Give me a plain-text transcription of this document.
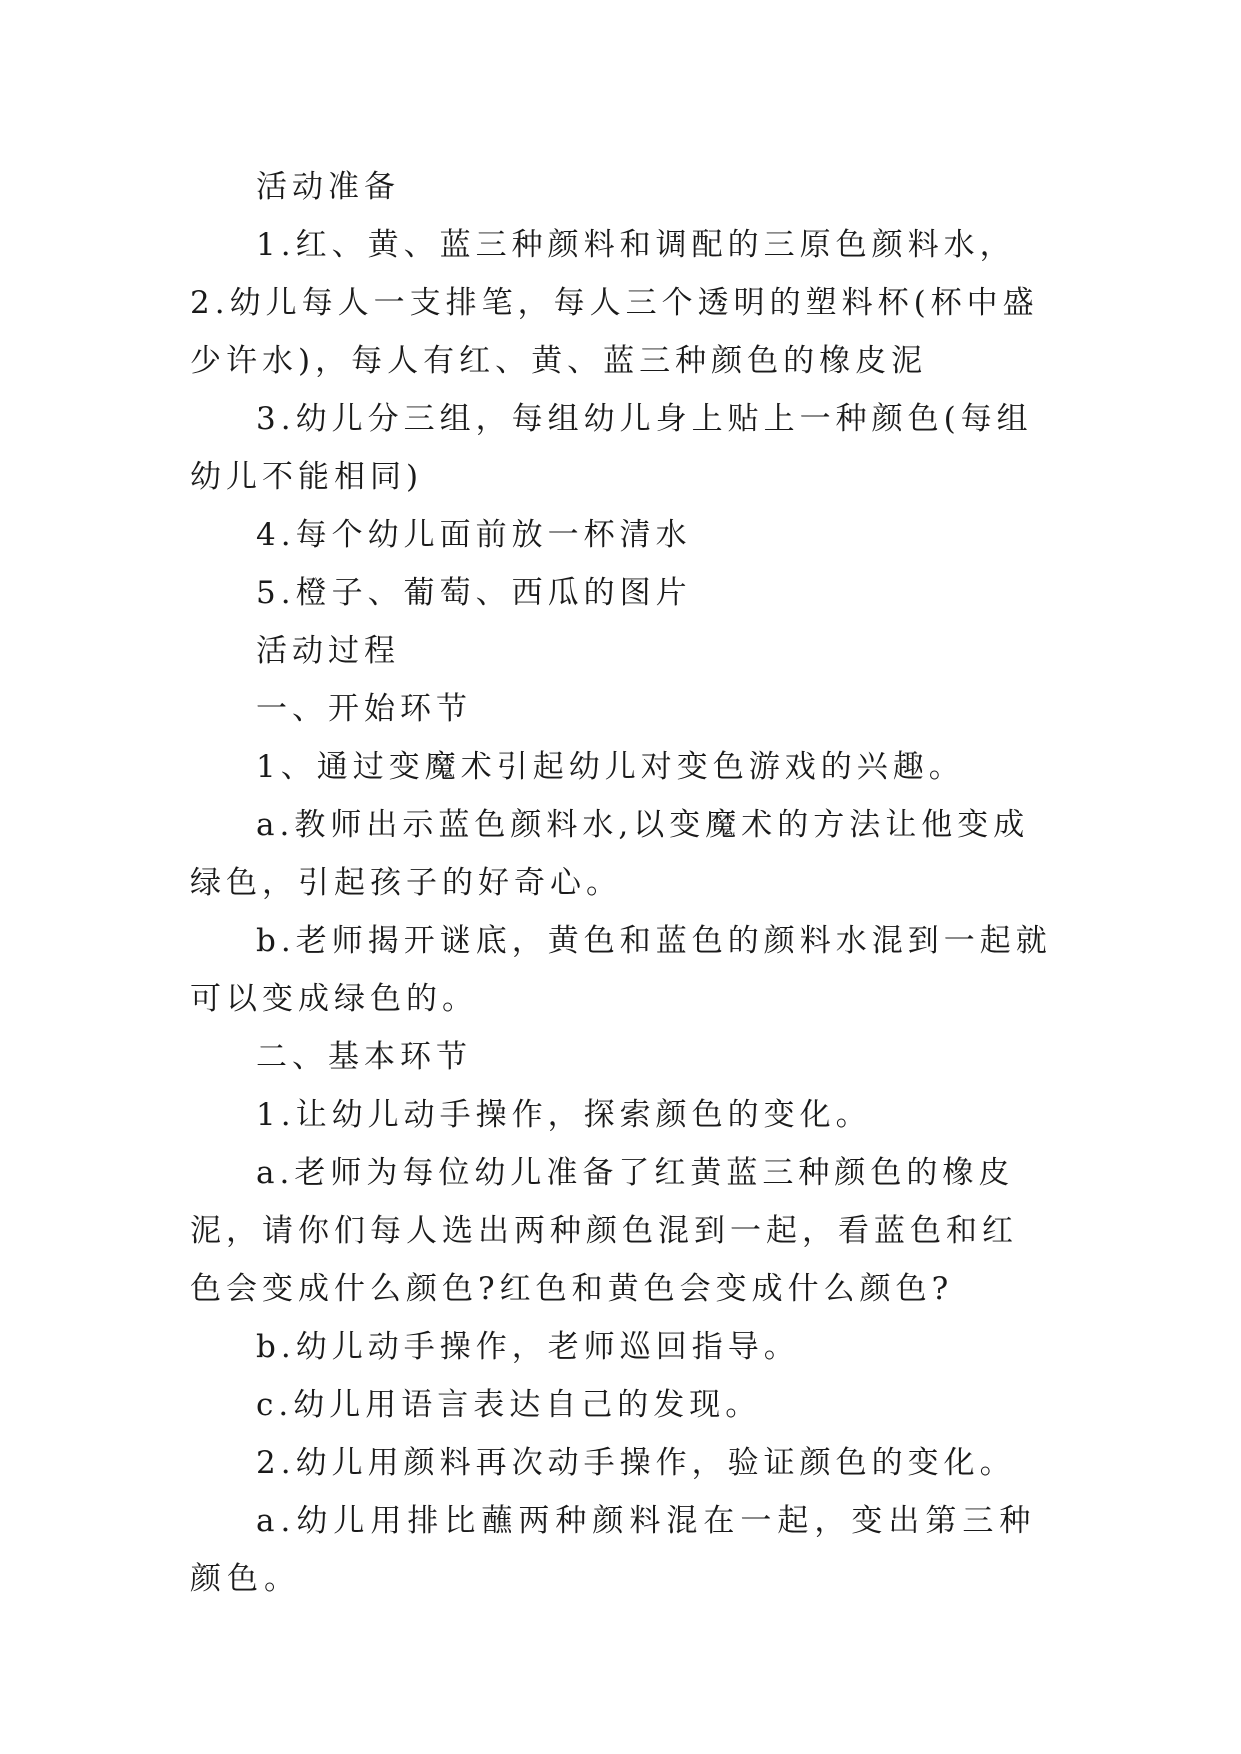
活动准备

1.红、黄、蓝三种颜料和调配的三原色颜料水，2.幼儿每人一支排笔，每人三个透明的塑料杯(杯中盛少许水)，每人有红、黄、蓝三种颜色的橡皮泥

3.幼儿分三组，每组幼儿身上贴上一种颜色(每组幼儿不能相同)

4.每个幼儿面前放一杯清水

5.橙子、葡萄、西瓜的图片

活动过程

一、开始环节

1、通过变魔术引起幼儿对变色游戏的兴趣。

a.教师出示蓝色颜料水,以变魔术的方法让他变成绿色，引起孩子的好奇心。

b.老师揭开谜底，黄色和蓝色的颜料水混到一起就可以变成绿色的。

二、基本环节

1.让幼儿动手操作，探索颜色的变化。

a.老师为每位幼儿准备了红黄蓝三种颜色的橡皮泥，请你们每人选出两种颜色混到一起，看蓝色和红色会变成什么颜色?红色和黄色会变成什么颜色?

b.幼儿动手操作，老师巡回指导。

c.幼儿用语言表达自己的发现。

2.幼儿用颜料再次动手操作，验证颜色的变化。

a.幼儿用排比蘸两种颜料混在一起，变出第三种颜色。
